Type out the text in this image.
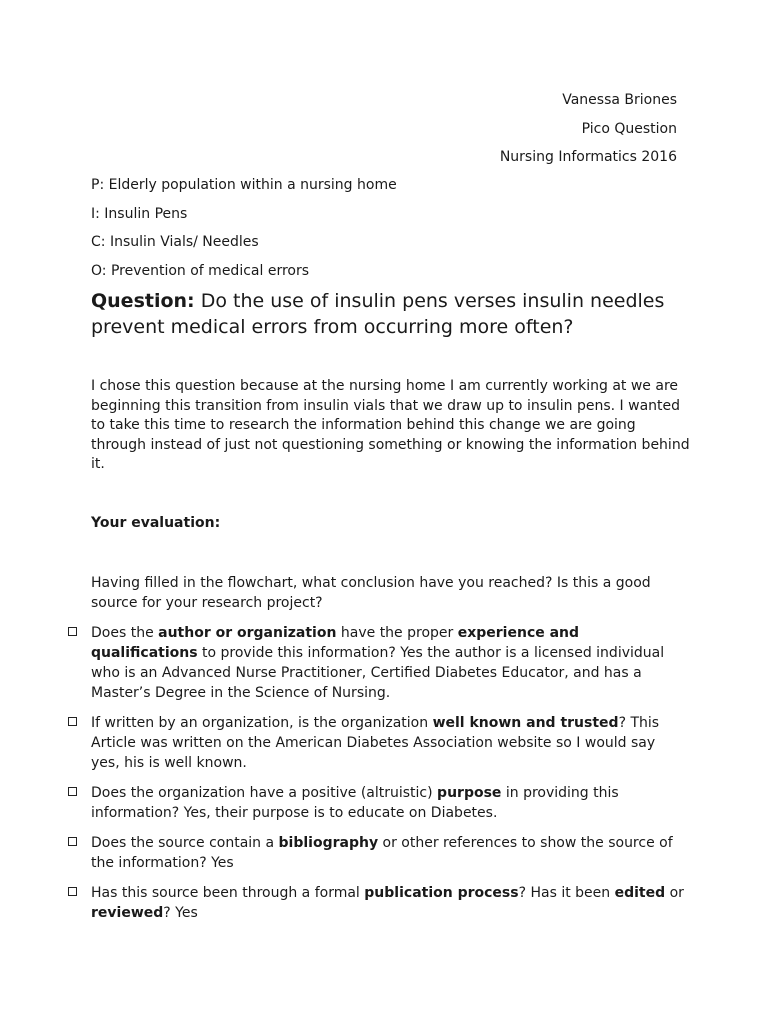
Vanessa Briones
Pico Question
Nursing Informatics 2016
P: Elderly population within a nursing home
I: Insulin Pens
C: Insulin Vials/ Needles
O: Prevention of medical errors
Question: Do the use of insulin pens verses insulin needles prevent medical errors from occurring more often?
I chose this question because at the nursing home I am currently working at we are beginning this transition from insulin vials that we draw up to insulin pens. I wanted to take this time to research the information behind this change we are going through instead of just not questioning something or knowing the information behind it.
Your evaluation:
Having filled in the flowchart, what conclusion have you reached? Is this a good source for your research project?
Does the author or organization have the proper experience and qualifications to provide this information? Yes the author is a licensed individual who is an Advanced Nurse Practitioner, Certified Diabetes Educator, and has a Master’s Degree in the Science of Nursing.
If written by an organization, is the organization well known and trusted? This Article was written on the American Diabetes Association website so I would say yes, his is well known.
Does the organization have a positive (altruistic) purpose in providing this information? Yes, their purpose is to educate on Diabetes.
Does the source contain a bibliography or other references to show the source of the information? Yes
Has this source been through a formal publication process? Has it been edited or reviewed? Yes
